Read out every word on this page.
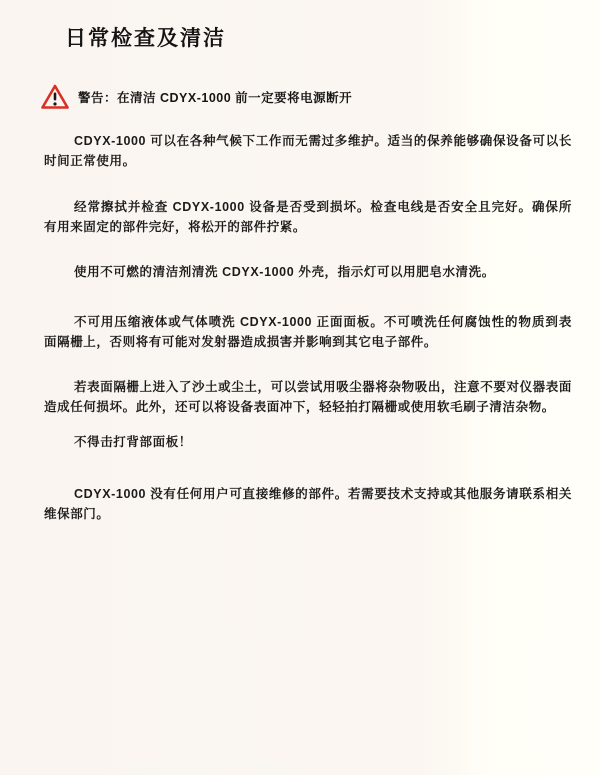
日常检查及清洁
警告：在清洁 CDYX-1000 前一定要将电源断开

CDYX-1000 可以在各种气候下工作而无需过多维护。适当的保养能够确保设备可以长时间正常使用。

经常擦拭并检查 CDYX-1000 设备是否受到损坏。检查电线是否安全且完好。确保所有用来固定的部件完好，将松开的部件拧紧。

使用不可燃的清洁剂清洗 CDYX-1000 外壳，指示灯可以用肥皂水清洗。

不可用压缩液体或气体喷洗 CDYX-1000 正面面板。不可喷洗任何腐蚀性的物质到表面隔栅上，否则将有可能对发射器造成损害并影响到其它电子部件。

若表面隔栅上进入了沙土或尘土，可以尝试用吸尘器将杂物吸出，注意不要对仪器表面造成任何损坏。此外，还可以将设备表面冲下，轻轻拍打隔栅或使用软毛刷子清洁杂物。

不得击打背部面板！

CDYX-1000 没有任何用户可直接维修的部件。若需要技术支持或其他服务请联系相关维保部门。
